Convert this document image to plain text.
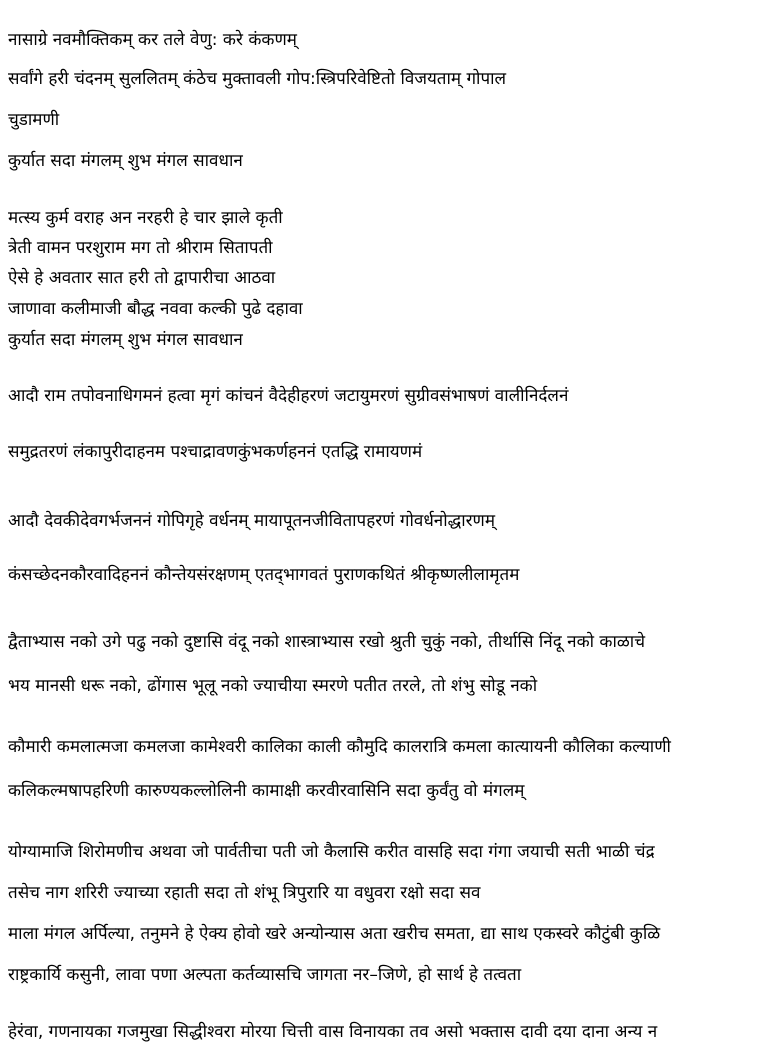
नासाग्रे नवमौक्तिकम् कर तले वेणु: करे कंकणम्

सर्वांगे हरी चंदनम् सुललितम् कंठेच मुक्तावली गोप:स्त्रिपरिवेष्टितो विजयताम् गोपाल

चुडामणी

कुर्यात सदा मंगलम् शुभ मंगल सावधान

मत्स्य कुर्म वराह अन नरहरी हे चार झाले कृती

त्रेती वामन परशुराम मग तो श्रीराम सितापती

ऐसे हे अवतार सात हरी तो द्वापारीचा आठवा

जाणावा कलीमाजी बौद्ध नववा कल्की पुढे दहावा

कुर्यात सदा मंगलम् शुभ मंगल सावधान

आदौ राम तपोवनाधिगमनं हत्वा मृगं कांचनं वैदेहीहरणं जटायुमरणं सुग्रीवसंभाषणं वालीनिर्दलनं

समुद्रतरणं लंकापुरीदाहनम पश्चाद्रावणकुंभकर्णहननं एतद्धि रामायणमं

आदौ देवकीदेवगर्भजननं गोपिगृहे वर्धनम् मायापूतनजीवितापहरणं गोवर्धनोद्धारणम्

कंसच्छेदनकौरवादिहननं कौन्तेयसंरक्षणम् एतद्‌भागवतं पुराणकथितं श्रीकृष्णलीलामृतम

द्वैताभ्यास नको उगे पढु नको दुष्टासि वंदू नको शास्त्राभ्यास रखो श्रुती चुकुं नको, तीर्थासि निंदू नको काळाचे

भय मानसी धरू नको, ढोंगास भूलू नको ज्याचीया स्मरणे पतीत तरले, तो शंभु सोडू नको

कौमारी कमलात्मजा कमलजा कामेश्वरी कालिका काली कौमुदि कालरात्रि कमला कात्यायनी कौलिका कल्याणी

कलिकल्मषापहरिणी कारुण्यकल्लोलिनी कामाक्षी करवीरवासिनि सदा कुर्वंतु वो मंगलम्

योग्यामाजि शिरोमणीच अथवा जो पार्वतीचा पती जो कैलासि करीत वासहि सदा गंगा जयाची सती भाळी चंद्र

तसेच नाग शरिरी ज्याच्या रहाती सदा तो शंभू त्रिपुरारि या वधुवरा रक्षो सदा सव

माला मंगल अर्पिल्या, तनुमने हे ऐक्य होवो खरे अन्योन्यास अता खरीच समता, द्या साथ एकस्वरे कौटुंबी कुळि

राष्ट्रकार्यि कसुनी, लावा पणा अल्पता कर्तव्यासचि जागता नर–जिणे, हो सार्थ हे तत्वता

हेरंवा, गणनायका गजमुखा सिद्धीश्वरा मोरया चित्ती वास विनायका तव असो भक्तास दावी दया दाना अन्य न
